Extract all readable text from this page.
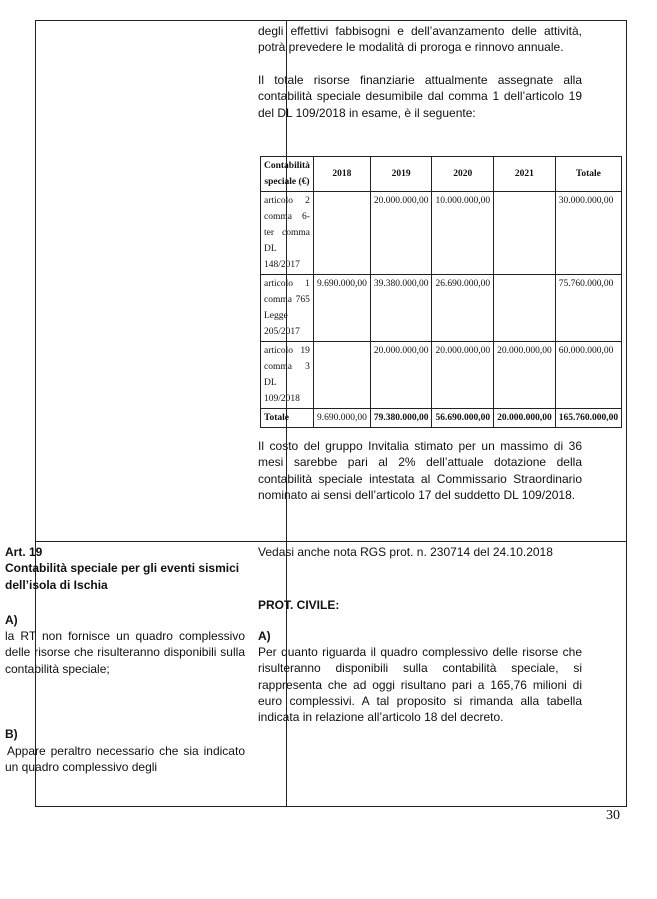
degli effettivi fabbisogni e dell’avanzamento delle attività, potrà prevedere le modalità di proroga e rinnovo annuale.

Il totale risorse finanziarie attualmente assegnate alla contabilità speciale desumibile dal comma 1 dell’articolo 19 del DL 109/2018 in esame, è il seguente:

Contabilità speciale (€)	2018	2019	2020	2021	Totale
articolo 2 comma 6-ter comma DL 148/2017		20.000.000,00	10.000.000,00		30.000.000,00
articolo 1 comma 765 Legge 205/2017	9.690.000,00	39.380.000,00	26.690.000,00		75.760.000,00
articolo 19 comma 3 DL 109/2018		20.000.000,00	20.000.000,00	20.000.000,00	60.000.000,00
Totale	9.690.000,00	79.380.000,00	56.690.000,00	20.000.000,00	165.760.000,00

Il costo del gruppo Invitalia stimato per un massimo di 36 mesi sarebbe pari al 2% dell’attuale dotazione della contabilità speciale intestata al Commissario Straordinario nominato ai sensi dell’articolo 17 del suddetto DL 109/2018.

Art. 19

Contabilità speciale per gli eventi sismici dell’isola di Ischia

A)

la RT non fornisce un quadro complessivo delle risorse che risulteranno disponibili sulla contabilità speciale;

B)

Appare peraltro necessario che sia indicato un quadro complessivo degli

Vedasi anche nota RGS prot. n. 230714 del 24.10.2018

PROT. CIVILE:

A)

Per quanto riguarda il quadro complessivo delle risorse che risulteranno disponibili sulla contabilità speciale, si rappresenta che ad oggi risultano pari a 165,76 milioni di euro complessivi. A tal proposito si rimanda alla tabella indicata in relazione all’articolo 18 del decreto.

30
